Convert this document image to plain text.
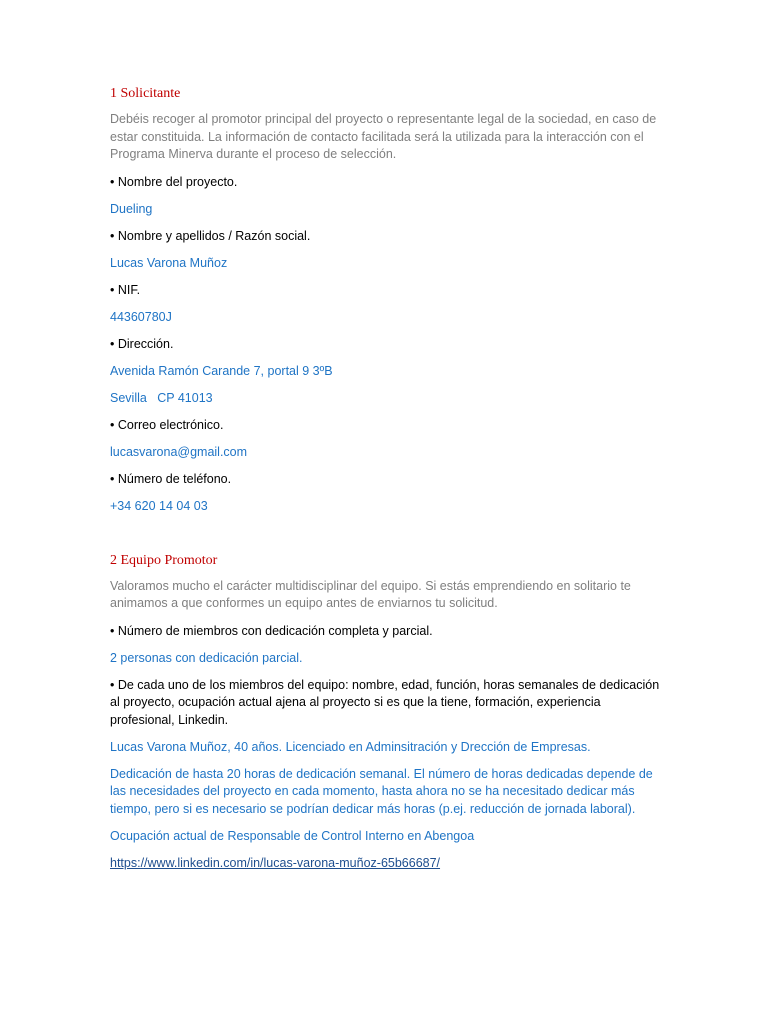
1 Solicitante
Debéis recoger al promotor principal del proyecto o representante legal de la sociedad, en caso de estar constituida. La información de contacto facilitada será la utilizada para la interacción con el Programa Minerva durante el proceso de selección.
• Nombre del proyecto.
Dueling
• Nombre y apellidos / Razón social.
Lucas Varona Muñoz
• NIF.
44360780J
• Dirección.
Avenida Ramón Carande 7, portal 9 3ºB
Sevilla   CP 41013
• Correo electrónico.
lucasvarona@gmail.com
• Número de teléfono.
+34 620 14 04 03
2 Equipo Promotor
Valoramos mucho el carácter multidisciplinar del equipo. Si estás emprendiendo en solitario te animamos a que conformes un equipo antes de enviarnos tu solicitud.
• Número de miembros con dedicación completa y parcial.
2 personas con dedicación parcial.
• De cada uno de los miembros del equipo: nombre, edad, función, horas semanales de dedicación al proyecto, ocupación actual ajena al proyecto si es que la tiene, formación, experiencia profesional, Linkedin.
Lucas Varona Muñoz, 40 años. Licenciado en Adminsitración y Drección de Empresas.
Dedicación de hasta 20 horas de dedicación semanal. El número de horas dedicadas depende de las necesidades del proyecto en cada momento, hasta ahora no se ha necesitado dedicar más tiempo, pero si es necesario se podrían dedicar más horas (p.ej. reducción de jornada laboral).
Ocupación actual de Responsable de Control Interno en Abengoa
https://www.linkedin.com/in/lucas-varona-muñoz-65b66687/
